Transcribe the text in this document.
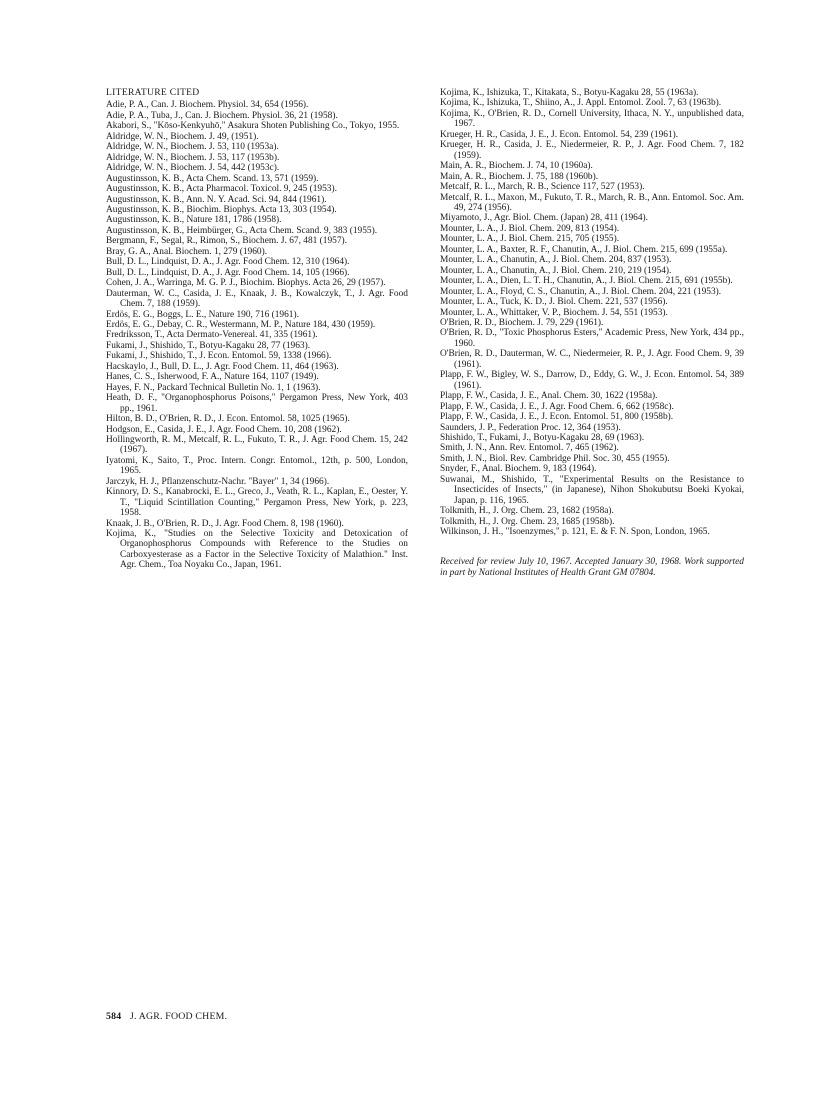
LITERATURE CITED
Adie, P. A., Can. J. Biochem. Physiol. 34, 654 (1956).
Adie, P. A., Tuba, J., Can. J. Biochem. Physiol. 36, 21 (1958).
Akabori, S., "Kōso-Kenkyuhō," Asakura Shoten Publishing Co., Tokyo, 1955.
Aldridge, W. N., Biochem. J. 49, (1951).
Aldridge, W. N., Biochem. J. 53, 110 (1953a).
Aldridge, W. N., Biochem. J. 53, 117 (1953b).
Aldridge, W. N., Biochem. J. 54, 442 (1953c).
Augustinsson, K. B., Acta Chem. Scand. 13, 571 (1959).
Augustinsson, K. B., Acta Pharmacol. Toxicol. 9, 245 (1953).
Augustinsson, K. B., Ann. N. Y. Acad. Sci. 94, 844 (1961).
Augustinsson, K. B., Biochim. Biophys. Acta 13, 303 (1954).
Augustinsson, K. B., Nature 181, 1786 (1958).
Augustinsson, K. B., Heimbürger, G., Acta Chem. Scand. 9, 383 (1955).
Bergmann, F., Segal, R., Rimon, S., Biochem. J. 67, 481 (1957).
Bray, G. A., Anal. Biochem. 1, 279 (1960).
Bull, D. L., Lindquist, D. A., J. Agr. Food Chem. 12, 310 (1964).
Bull, D. L., Lindquist, D. A., J. Agr. Food Chem. 14, 105 (1966).
Cohen, J. A., Warringa, M. G. P. J., Biochim. Biophys. Acta 26, 29 (1957).
Dauterman, W. C., Casida, J. E., Knaak, J. B., Kowalczyk, T., J. Agr. Food Chem. 7, 188 (1959).
Erdös, E. G., Boggs, L. E., Nature 190, 716 (1961).
Erdös, E. G., Debay, C. R., Westermann, M. P., Nature 184, 430 (1959).
Fredriksson, T., Acta Dermato-Venereal. 41, 335 (1961).
Fukami, J., Shishido, T., Botyu-Kagaku 28, 77 (1963).
Fukami, J., Shishido, T., J. Econ. Entomol. 59, 1338 (1966).
Hacskaylo, J., Bull, D. L., J. Agr. Food Chem. 11, 464 (1963).
Hanes, C. S., Isherwood, F. A., Nature 164, 1107 (1949).
Hayes, F. N., Packard Technical Bulletin No. 1, 1 (1963).
Heath, D. F., "Organophosphorus Poisons," Pergamon Press, New York, 403 pp., 1961.
Hilton, B. D., O'Brien, R. D., J. Econ. Entomol. 58, 1025 (1965).
Hodgson, E., Casida, J. E., J. Agr. Food Chem. 10, 208 (1962).
Hollingworth, R. M., Metcalf, R. L., Fukuto, T. R., J. Agr. Food Chem. 15, 242 (1967).
Iyatomi, K., Saito, T., Proc. Intern. Congr. Entomol., 12th, p. 500, London, 1965.
Jarczyk, H. J., Pflanzenschutz-Nachr. "Bayer" 1, 34 (1966).
Kinnory, D. S., Kanabrocki, E. L., Greco, J., Veath, R. L., Kaplan, E., Oester, Y. T., "Liquid Scintillation Counting," Pergamon Press, New York, p. 223, 1958.
Knaak, J. B., O'Brien, R. D., J. Agr. Food Chem. 8, 198 (1960).
Kojima, K., "Studies on the Selective Toxicity and Detoxication of Organophosphorus Compounds with Reference to the Studies on Carboxyesterase as a Factor in the Selective Toxicity of Malathion." Inst. Agr. Chem., Toa Noyaku Co., Japan, 1961.
Kojima, K., Ishizuka, T., Kitakata, S., Botyu-Kagaku 28, 55 (1963a).
Kojima, K., Ishizuka, T., Shiino, A., J. Appl. Entomol. Zool. 7, 63 (1963b).
Kojima, K., O'Brien, R. D., Cornell University, Ithaca, N. Y., unpublished data, 1967.
Krueger, H. R., Casida, J. E., J. Econ. Entomol. 54, 239 (1961).
Krueger, H. R., Casida, J. E., Niedermeier, R. P., J. Agr. Food Chem. 7, 182 (1959).
Main, A. R., Biochem. J. 74, 10 (1960a).
Main, A. R., Biochem. J. 75, 188 (1960b).
Metcalf, R. L., March, R. B., Science 117, 527 (1953).
Metcalf, R. L., Maxon, M., Fukuto, T. R., March, R. B., Ann. Entomol. Soc. Am. 49, 274 (1956).
Miyamoto, J., Agr. Biol. Chem. (Japan) 28, 411 (1964).
Mounter, L. A., J. Biol. Chem. 209, 813 (1954).
Mounter, L. A., J. Biol. Chem. 215, 705 (1955).
Mounter, L. A., Baxter, R. F., Chanutin, A., J. Biol. Chem. 215, 699 (1955a).
Mounter, L. A., Chanutin, A., J. Biol. Chem. 204, 837 (1953).
Mounter, L. A., Chanutin, A., J. Biol. Chem. 210, 219 (1954).
Mounter, L. A., Dien, L. T. H., Chanutin, A., J. Biol. Chem. 215, 691 (1955b).
Mounter, L. A., Floyd, C. S., Chanutin, A., J. Biol. Chem. 204, 221 (1953).
Mounter, L. A., Tuck, K. D., J. Biol. Chem. 221, 537 (1956).
Mounter, L. A., Whittaker, V. P., Biochem. J. 54, 551 (1953).
O'Brien, R. D., Biochem. J. 79, 229 (1961).
O'Brien, R. D., "Toxic Phosphorus Esters," Academic Press, New York, 434 pp., 1960.
O'Brien, R. D., Dauterman, W. C., Niedermeier, R. P., J. Agr. Food Chem. 9, 39 (1961).
Plapp, F. W., Bigley, W. S., Darrow, D., Eddy, G. W., J. Econ. Entomol. 54, 389 (1961).
Plapp, F. W., Casida, J. E., Anal. Chem. 30, 1622 (1958a).
Plapp, F. W., Casida, J. E., J. Agr. Food Chem. 6, 662 (1958c).
Plapp, F. W., Casida, J. E., J. Econ. Entomol. 51, 800 (1958b).
Saunders, J. P., Federation Proc. 12, 364 (1953).
Shishido, T., Fukami, J., Botyu-Kagaku 28, 69 (1963).
Smith, J. N., Ann. Rev. Entomol. 7, 465 (1962).
Smith, J. N., Biol. Rev. Cambridge Phil. Soc. 30, 455 (1955).
Snyder, F., Anal. Biochem. 9, 183 (1964).
Suwanai, M., Shishido, T., "Experimental Results on the Resistance to Insecticides of Insects," (in Japanese), Nihon Shokubutsu Boeki Kyokai, Japan, p. 116, 1965.
Tolkmith, H., J. Org. Chem. 23, 1682 (1958a).
Tolkmith, H., J. Org. Chem. 23, 1685 (1958b).
Wilkinson, J. H., "Isoenzymes," p. 121, E. & F. N. Spon, London, 1965.
Received for review July 10, 1967. Accepted January 30, 1968. Work supported in part by National Institutes of Health Grant GM 07804.
584 J. AGR. FOOD CHEM.
